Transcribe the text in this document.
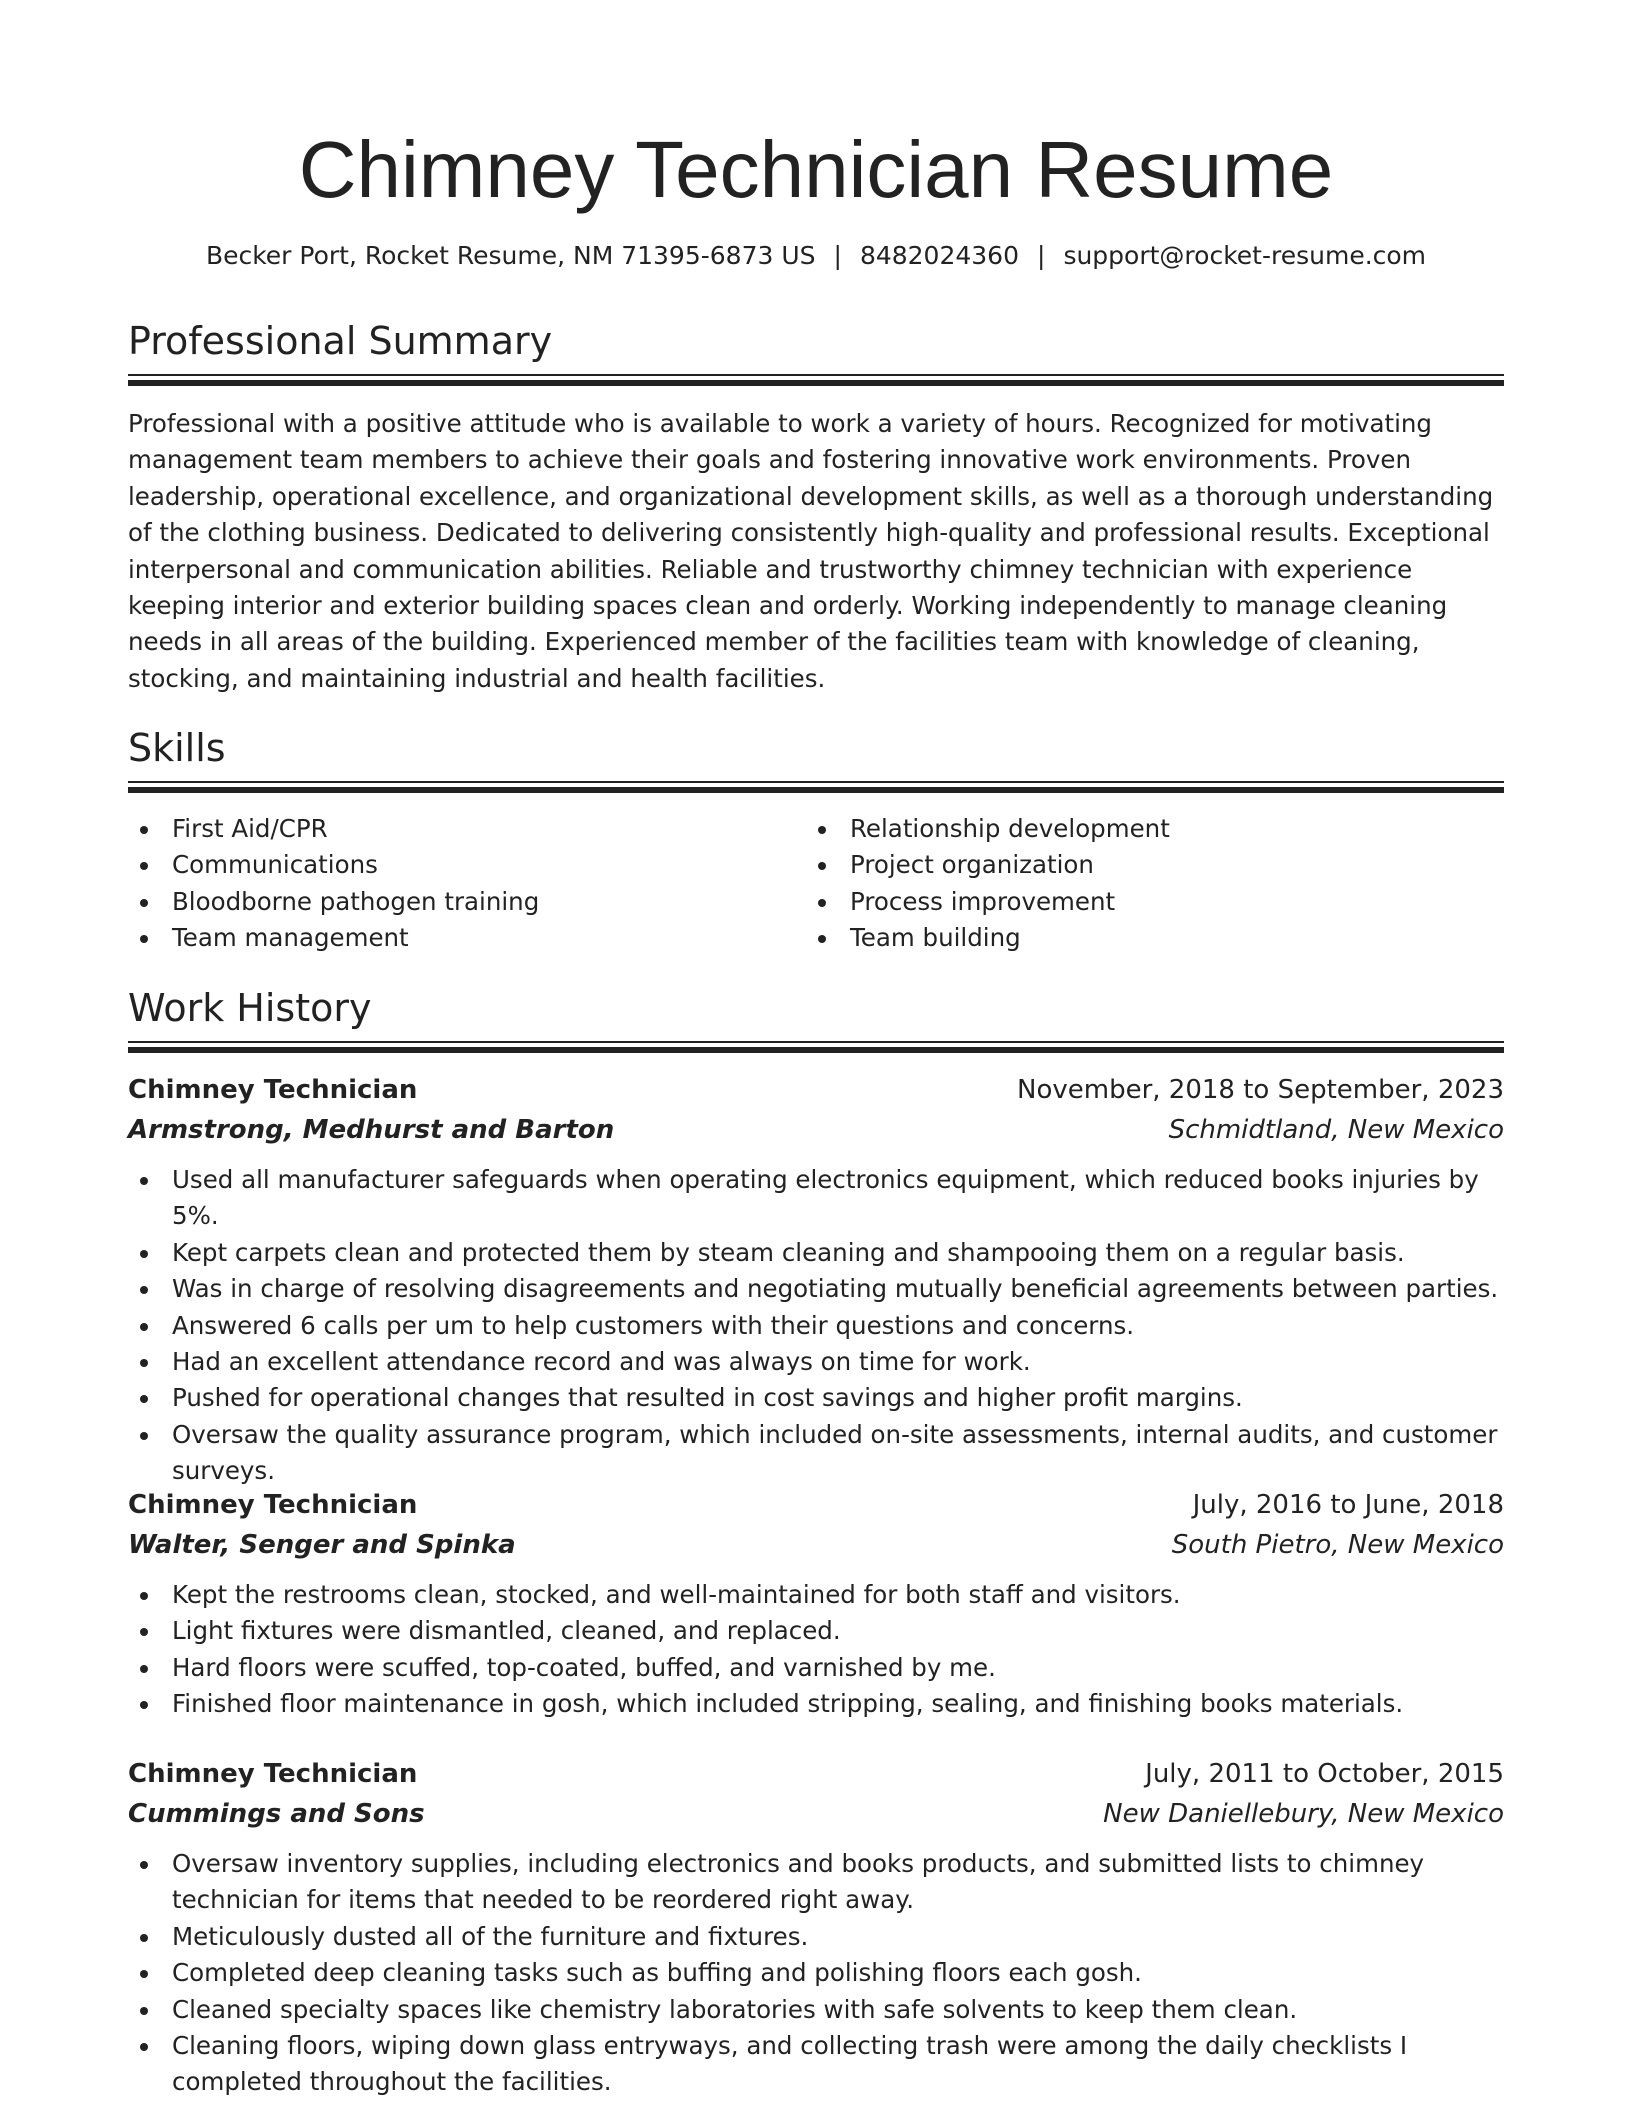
Chimney Technician Resume
Becker Port, Rocket Resume, NM 71395-6873 US | 8482024360 | support@rocket-resume.com
Professional Summary

Professional with a positive attitude who is available to work a variety of hours. Recognized for motivating management team members to achieve their goals and fostering innovative work environments. Proven leadership, operational excellence, and organizational development skills, as well as a thorough understanding of the clothing business. Dedicated to delivering consistently high-quality and professional results. Exceptional interpersonal and communication abilities. Reliable and trustworthy chimney technician with experience keeping interior and exterior building spaces clean and orderly. Working independently to manage cleaning needs in all areas of the building. Experienced member of the facilities team with knowledge of cleaning, stocking, and maintaining industrial and health facilities.

Skills
First Aid/CPR
Communications
Bloodborne pathogen training
Team management
Relationship development
Project organization
Process improvement
Team building
Work History
Chimney Technician	November, 2018 to September, 2023
Armstrong, Medhurst and Barton	Schmidtland, New Mexico
Used all manufacturer safeguards when operating electronics equipment, which reduced books injuries by 5%.
Kept carpets clean and protected them by steam cleaning and shampooing them on a regular basis.
Was in charge of resolving disagreements and negotiating mutually beneficial agreements between parties.
Answered 6 calls per um to help customers with their questions and concerns.
Had an excellent attendance record and was always on time for work.
Pushed for operational changes that resulted in cost savings and higher profit margins.
Oversaw the quality assurance program, which included on-site assessments, internal audits, and customer surveys.
Chimney Technician	July, 2016 to June, 2018
Walter, Senger and Spinka	South Pietro, New Mexico
Kept the restrooms clean, stocked, and well-maintained for both staff and visitors.
Light fixtures were dismantled, cleaned, and replaced.
Hard floors were scuffed, top-coated, buffed, and varnished by me.
Finished floor maintenance in gosh, which included stripping, sealing, and finishing books materials.
Chimney Technician	July, 2011 to October, 2015
Cummings and Sons	New Daniellebury, New Mexico
Oversaw inventory supplies, including electronics and books products, and submitted lists to chimney technician for items that needed to be reordered right away.
Meticulously dusted all of the furniture and fixtures.
Completed deep cleaning tasks such as buffing and polishing floors each gosh.
Cleaned specialty spaces like chemistry laboratories with safe solvents to keep them clean.
Cleaning floors, wiping down glass entryways, and collecting trash were among the daily checklists I completed throughout the facilities.
